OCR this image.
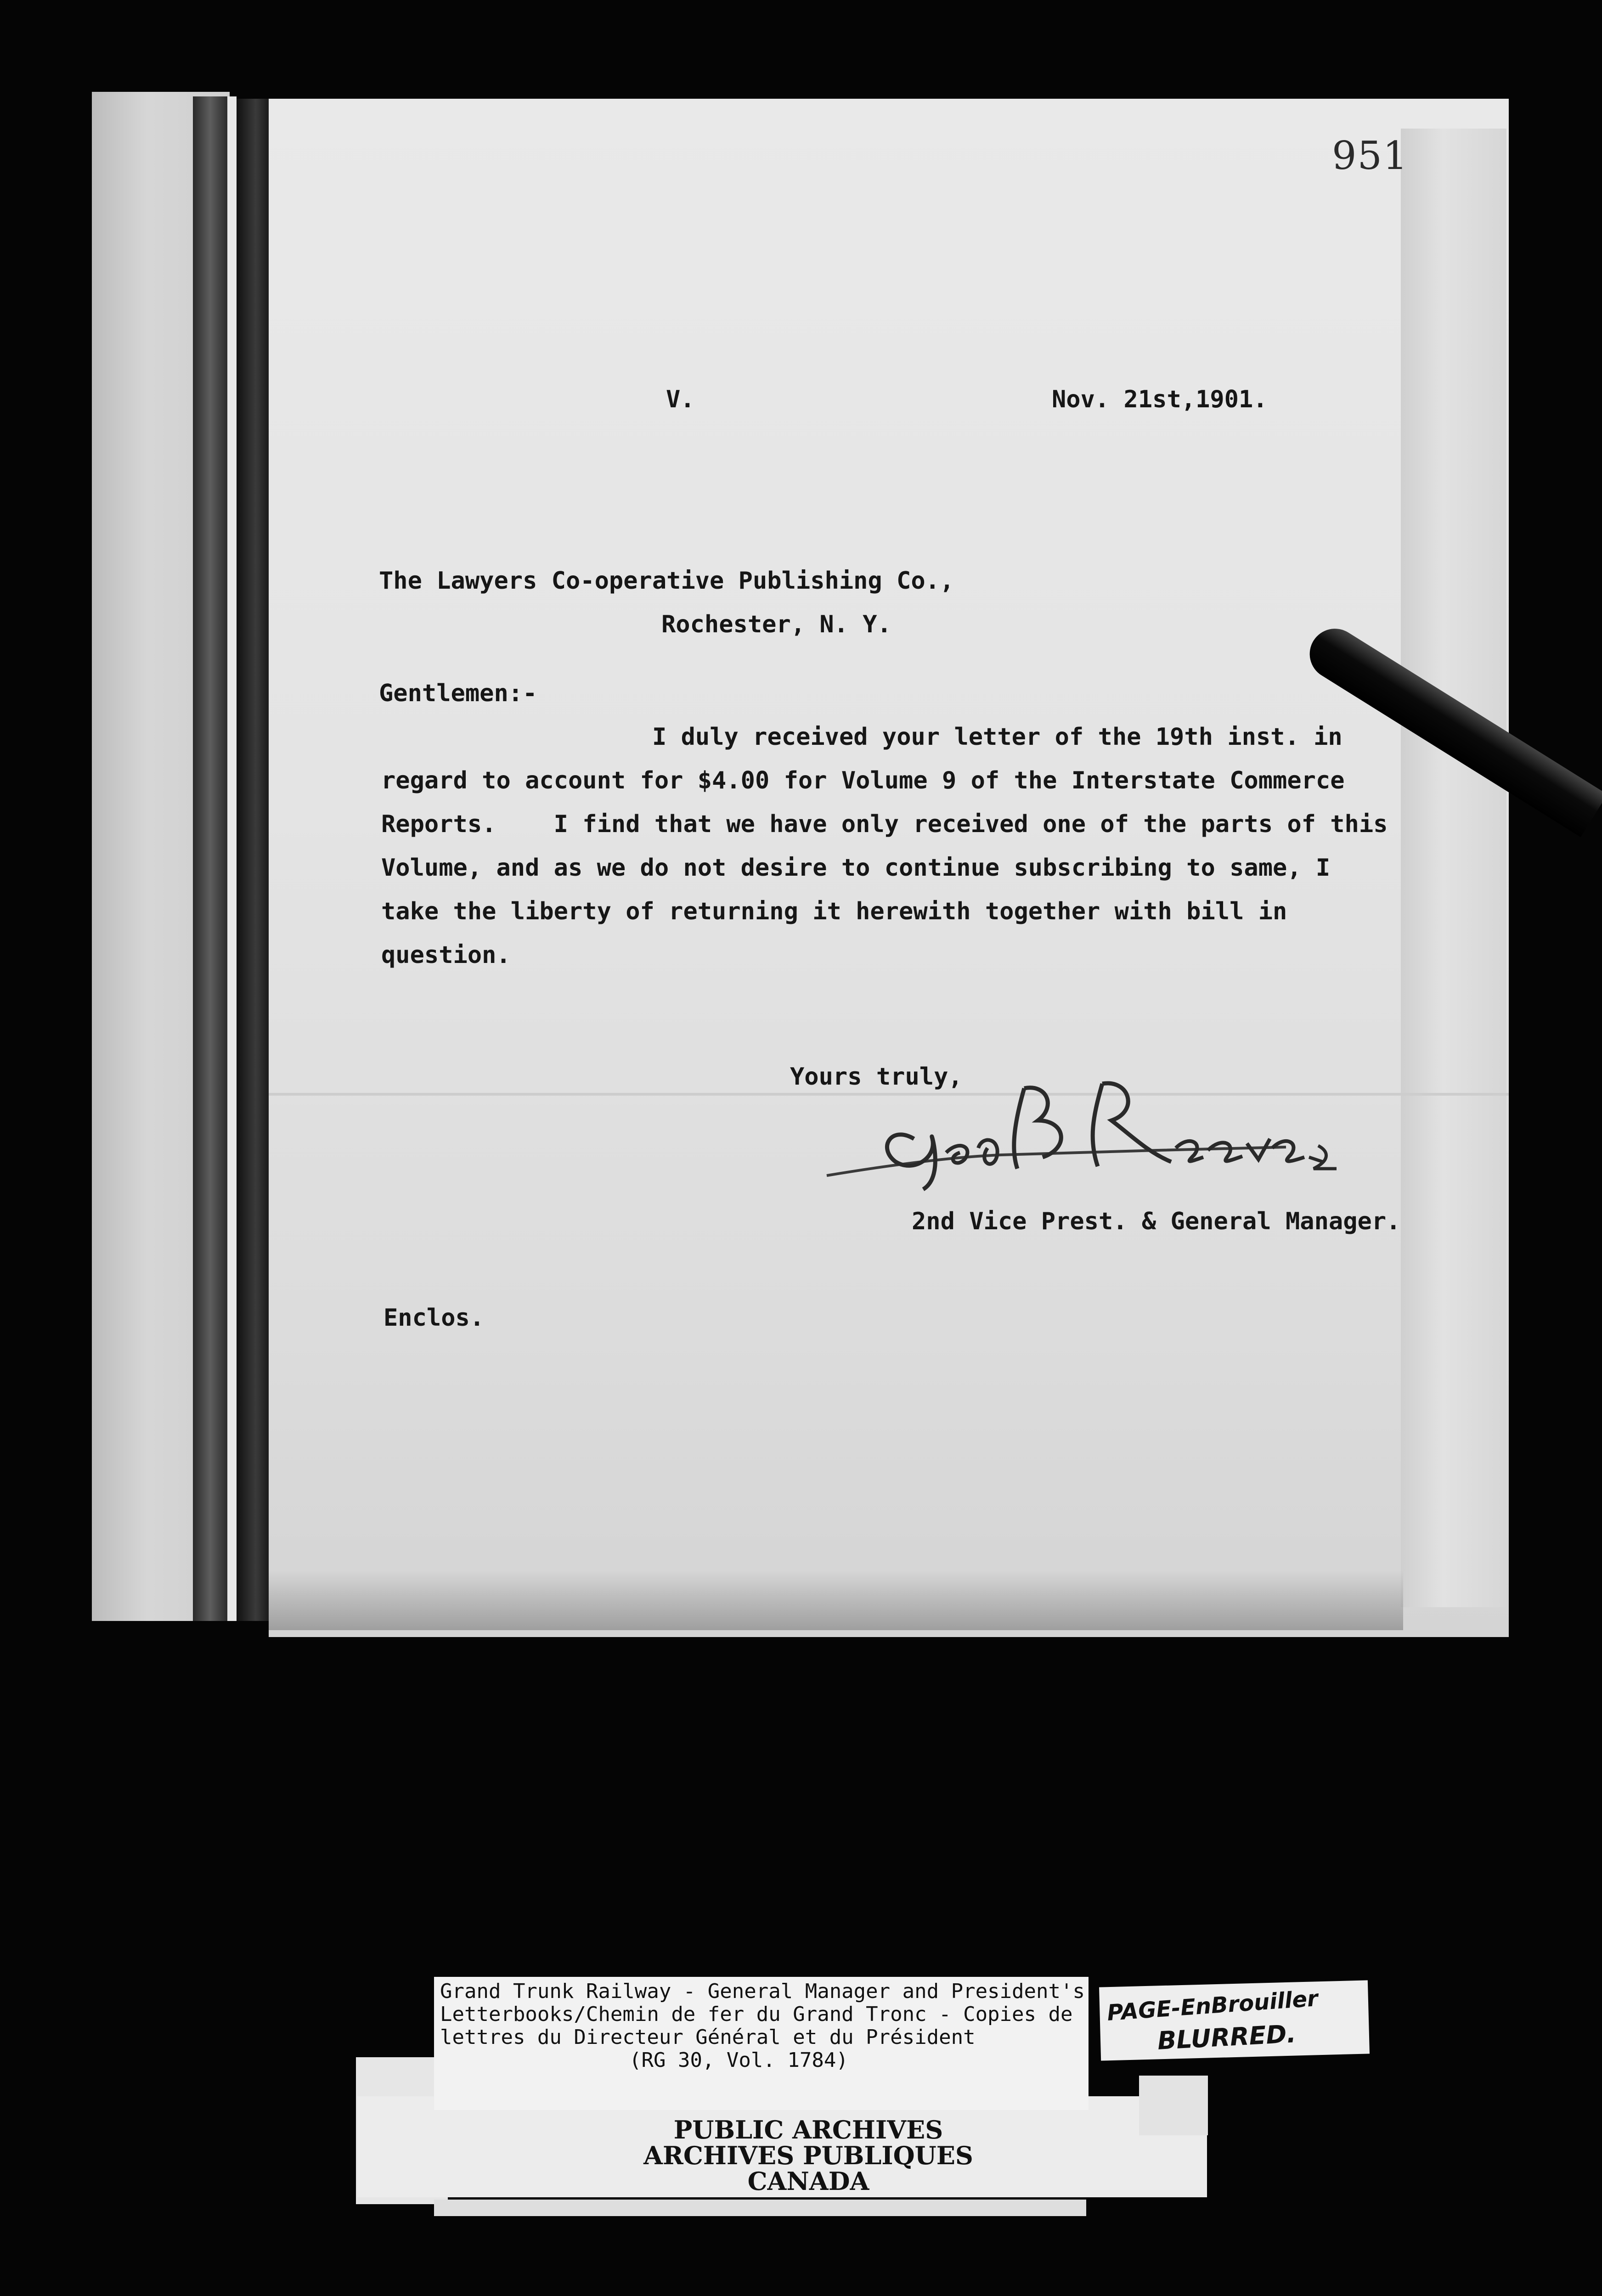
951
V.	Nov. 21st,1901.
The Lawyers Co-operative Publishing Co.,
Rochester, N. Y.
Gentlemen:-
I duly received your letter of the 19th inst. in
regard to account for $4.00 for Volume 9 of the Interstate Commerce
Reports.    I find that we have only received one of the parts of this
Volume, and as we do not desire to continue subscribing to same, I
take the liberty of returning it herewith together with bill in
question.
Yours truly,
2nd Vice Prest. & General Manager.
Enclos.
Grand Trunk Railway - General Manager and President's
Letterbooks/Chemin de fer du Grand Tronc - Copies de
lettres du Directeur Général et du Président
(RG 30, Vol. 1784)
PUBLIC ARCHIVES
ARCHIVES PUBLIQUES
CANADA
PAGE-EnBrouiller
BLURRED.
